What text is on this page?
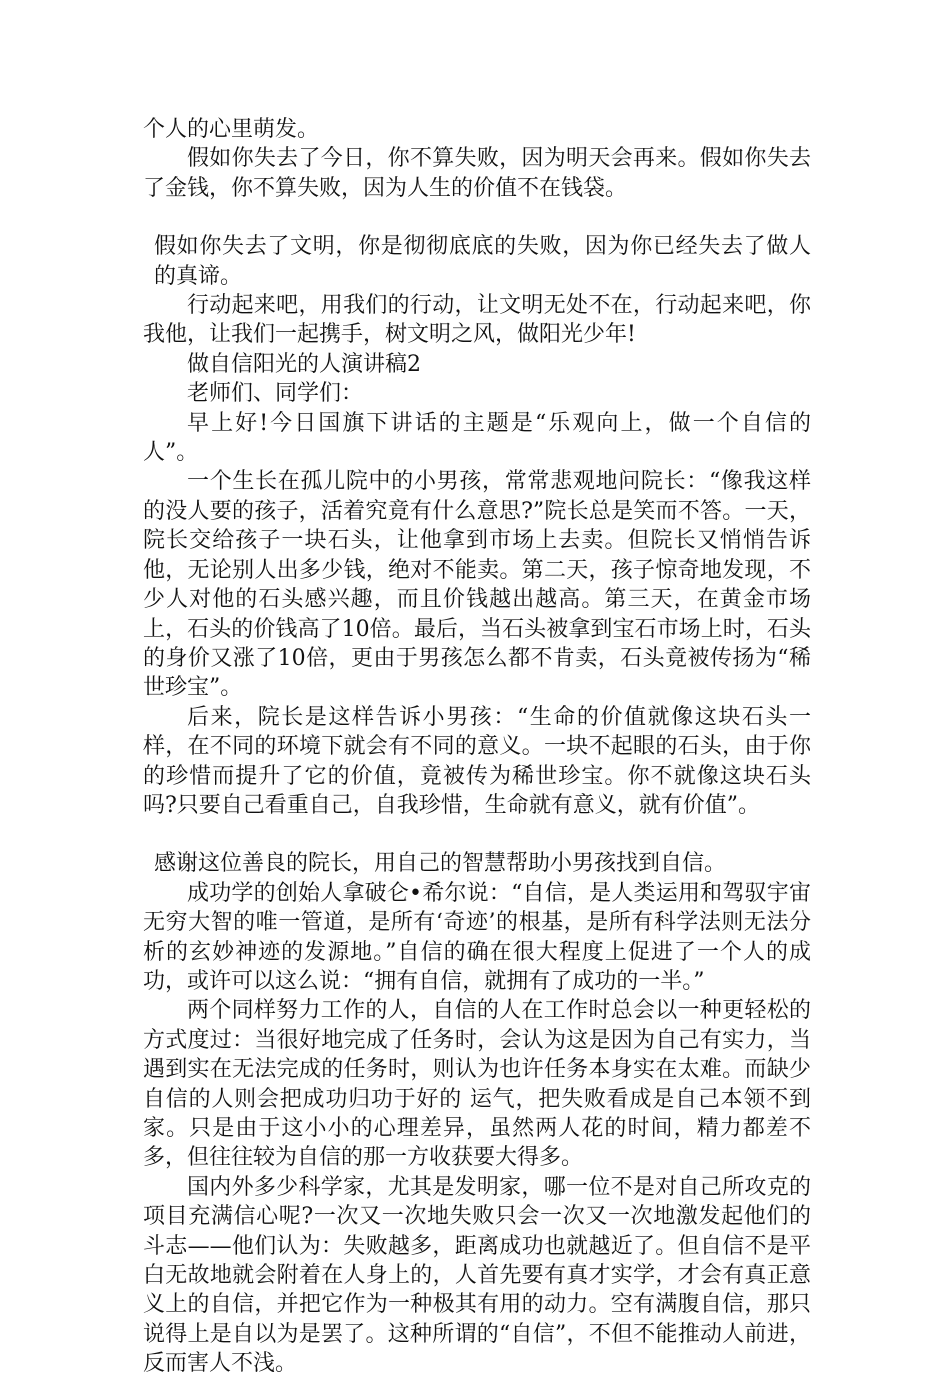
个人的心里萌发。

假如你失去了今日，你不算失败，因为明天会再来。假如你失去了金钱，你不算失败，因为人生的价值不在钱袋。

假如你失去了文明，你是彻彻底底的失败，因为你已经失去了做人的真谛。

行动起来吧，用我们的行动，让文明无处不在，行动起来吧，你我他，让我们一起携手，树文明之风，做阳光少年!

做自信阳光的人演讲稿2

老师们、同学们：

早上好!今日国旗下讲话的主题是“乐观向上，做一个自信的人”。

一个生长在孤儿院中的小男孩，常常悲观地问院长：“像我这样的没人要的孩子，活着究竟有什么意思?”院长总是笑而不答。一天，院长交给孩子一块石头，让他拿到市场上去卖。但院长又悄悄告诉他，无论别人出多少钱，绝对不能卖。第二天，孩子惊奇地发现，不少人对他的石头感兴趣，而且价钱越出越高。第三天，在黄金市场上，石头的价钱高了10倍。最后，当石头被拿到宝石市场上时，石头的身价又涨了10倍，更由于男孩怎么都不肯卖，石头竟被传扬为“稀世珍宝”。

后来，院长是这样告诉小男孩：“生命的价值就像这块石头一样，在不同的环境下就会有不同的意义。一块不起眼的石头，由于你的珍惜而提升了它的价值，竟被传为稀世珍宝。你不就像这块石头吗?只要自己看重自己，自我珍惜，生命就有意义，就有价值”。

感谢这位善良的院长，用自己的智慧帮助小男孩找到自信。

成功学的创始人拿破仑•希尔说：“自信，是人类运用和驾驭宇宙无穷大智的唯一管道，是所有‘奇迹’的根基，是所有科学法则无法分析的玄妙神迹的发源地。”自信的确在很大程度上促进了一个人的成功，或许可以这么说：“拥有自信，就拥有了成功的一半。”

两个同样努力工作的人，自信的人在工作时总会以一种更轻松的方式度过：当很好地完成了任务时，会认为这是因为自己有实力，当遇到实在无法完成的任务时，则认为也许任务本身实在太难。而缺少自信的人则会把成功归功于好的 运气，把失败看成是自己本领不到家。只是由于这小小的心理差异，虽然两人花的时间，精力都差不多，但往往较为自信的那一方收获要大得多。

国内外多少科学家，尤其是发明家，哪一位不是对自己所攻克的项目充满信心呢?一次又一次地失败只会一次又一次地激发起他们的斗志——他们认为：失败越多，距离成功也就越近了。但自信不是平白无故地就会附着在人身上的，人首先要有真才实学，才会有真正意义上的自信，并把它作为一种极其有用的动力。空有满腹自信，那只说得上是自以为是罢了。这种所谓的“自信”，不但不能推动人前进，反而害人不浅。
